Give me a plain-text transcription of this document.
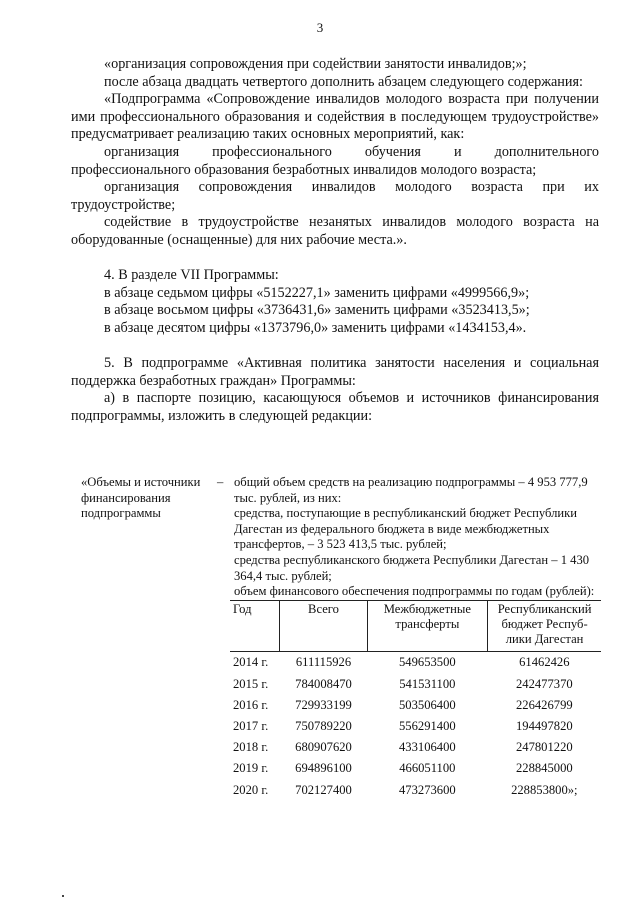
3

«организация сопровождения при содействии занятости инвалидов;»;

после абзаца двадцать четвертого дополнить абзацем следующего содержания:

«Подпрограмма «Сопровождение инвалидов молодого возраста при получении ими профессионального образования и содействия в последующем трудоустройстве» предусматривает реализацию таких основных мероприятий, как:

организация профессионального обучения и дополнительного профессионального образования безработных инвалидов молодого возраста;

организация сопровождения инвалидов молодого возраста при их трудоустройстве;

содействие в трудоустройстве незанятых инвалидов молодого возраста на оборудованные (оснащенные) для них рабочие места.».

4. В разделе VII Программы:

в абзаце седьмом цифры «5152227,1» заменить цифрами «4999566,9»;

в абзаце восьмом цифры «3736431,6» заменить цифрами «3523413,5»;

в абзаце десятом цифры «1373796,0» заменить цифрами «1434153,4».

5. В подпрограмме «Активная политика занятости населения и социальная поддержка безработных граждан» Программы:

а) в паспорте позицию, касающуюся объемов и источников финансирования подпрограммы, изложить в следующей редакции:

«Объемы и источники финансирования подпрограммы
– общий объем средств на реализацию подпрограммы – 4 953 777,9 тыс. рублей, из них:

средства, поступающие в республиканский бюджет Республики Дагестан из федерального бюджета в виде межбюджетных трансфертов, – 3 523 413,5 тыс. рублей;

средства республиканского бюджета Республики Дагестан – 1 430 364,4 тыс. рублей;

объем финансового обеспечения подпрограммы по годам (рублей):

Год	Всего	Межбюджетные трансферты	Республиканский бюджет Респуб- лики Дагестан
2014 г.	611115926	549653500	61462426
2015 г.	784008470	541531100	242477370
2016 г.	729933199	503506400	226426799
2017 г.	750789220	556291400	194497820
2018 г.	680907620	433106400	247801220
2019 г.	694896100	466051100	228845000
2020 г.	702127400	473273600	228853800»;
